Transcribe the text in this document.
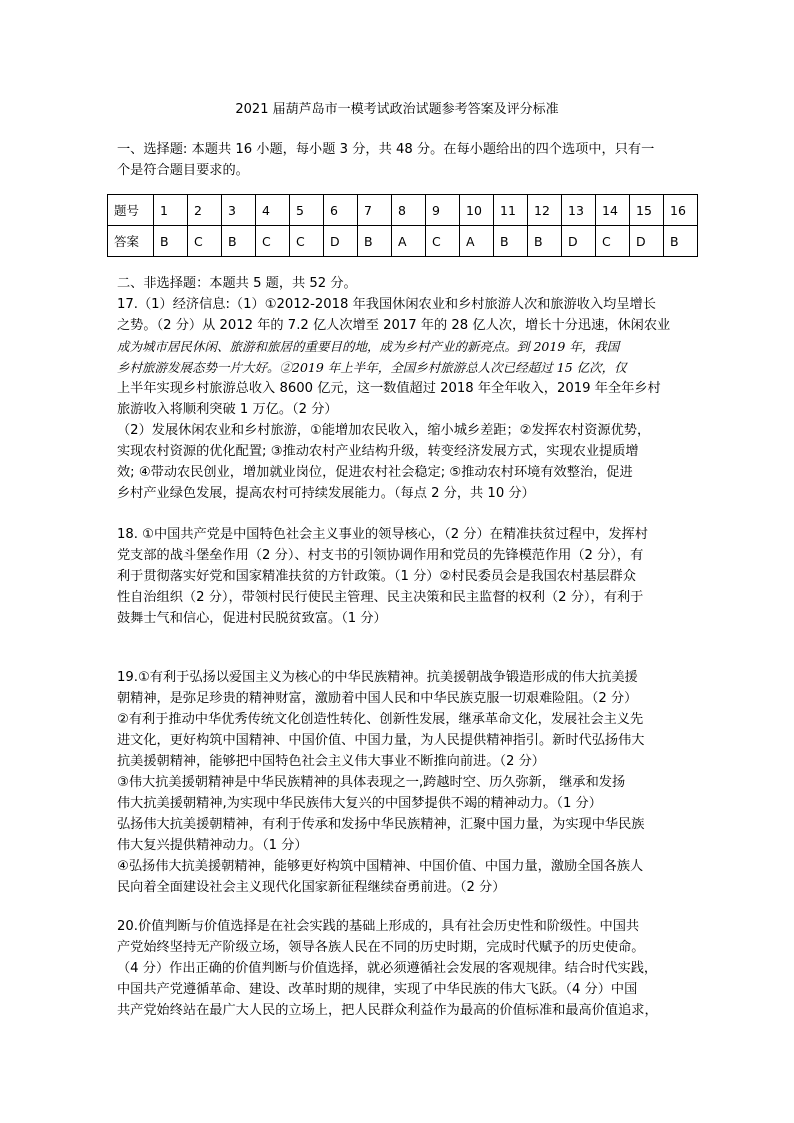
2021 届葫芦岛市一模考试政治试题参考答案及评分标准
一、选择题: 本题共 16 小题，每小题 3 分，共 48 分。在每小题给出的四个选项中，只有一
个是符合题目要求的。
题号	1	2	3	4	5	6	7	8	9	10	11	12	13	14	15	16
答案	B	C	B	C	C	D	B	A	C	A	B	B	D	C	D	B
二、非选择题：本题共 5 题，共 52 分。
17.（1）经济信息:（1）①2012-2018 年我国休闲农业和乡村旅游人次和旅游收入均呈增长
之势。（2 分）从 2012 年的 7.2 亿人次增至 2017 年的 28 亿人次，增长十分迅速，休闲农业
成为城市居民休闲、旅游和旅居的重要目的地，成为乡村产业的新亮点。到 2019 年，我国
乡村旅游发展态势一片大好。②2019 年上半年，全国乡村旅游总人次已经超过 15 亿次，仅
上半年实现乡村旅游总收入 8600 亿元，这一数值超过 2018 年全年收入，2019 年全年乡村
旅游收入将顺利突破 1 万亿。（2 分）
（2）发展休闲农业和乡村旅游，①能增加农民收入，缩小城乡差距；②发挥农村资源优势，
实现农村资源的优化配置; ③推动农村产业结构升级，转变经济发展方式，实现农业提质增
效; ④带动农民创业，增加就业岗位，促进农村社会稳定; ⑤推动农村环境有效整治，促进
乡村产业绿色发展，提高农村可持续发展能力。（每点 2 分，共 10 分）
18. ①中国共产党是中国特色社会主义事业的领导核心，（2 分）在精准扶贫过程中，发挥村
党支部的战斗堡垒作用（2 分）、村支书的引领协调作用和党员的先锋模范作用（2 分），有
利于贯彻落实好党和国家精准扶贫的方针政策。（1 分）②村民委员会是我国农村基层群众
性自治组织（2 分），带领村民行使民主管理、民主决策和民主监督的权利（2 分），有利于
鼓舞士气和信心，促进村民脱贫致富。（1 分）
19.①有利于弘扬以爱国主义为核心的中华民族精神。抗美援朝战争锻造形成的伟大抗美援
朝精神，是弥足珍贵的精神财富，激励着中国人民和中华民族克服一切艰难险阻。（2 分）
②有利于推动中华优秀传统文化创造性转化、创新性发展，继承革命文化，发展社会主义先
进文化，更好构筑中国精神、中国价值、中国力量，为人民提供精神指引。新时代弘扬伟大
抗美援朝精神，能够把中国特色社会主义伟大事业不断推向前进。（2 分）
③伟大抗美援朝精神是中华民族精神的具体表现之一,跨越时空、历久弥新， 继承和发扬
伟大抗美援朝精神,为实现中华民族伟大复兴的中国梦提供不竭的精神动力。（1 分）
弘扬伟大抗美援朝精神，有利于传承和发扬中华民族精神，汇聚中国力量，为实现中华民族
伟大复兴提供精神动力。（1 分）
④弘扬伟大抗美援朝精神，能够更好构筑中国精神、中国价值、中国力量，激励全国各族人
民向着全面建设社会主义现代化国家新征程继续奋勇前进。（2 分）
20.价值判断与价值选择是在社会实践的基础上形成的，具有社会历史性和阶级性。中国共
产党始终坚持无产阶级立场，领导各族人民在不同的历史时期，完成时代赋予的历史使命。
（4 分）作出正确的价值判断与价值选择，就必须遵循社会发展的客观规律。结合时代实践，
中国共产党遵循革命、建设、改革时期的规律，实现了中华民族的伟大飞跃。（4 分）中国
共产党始终站在最广大人民的立场上，把人民群众利益作为最高的价值标准和最高价值追求，
